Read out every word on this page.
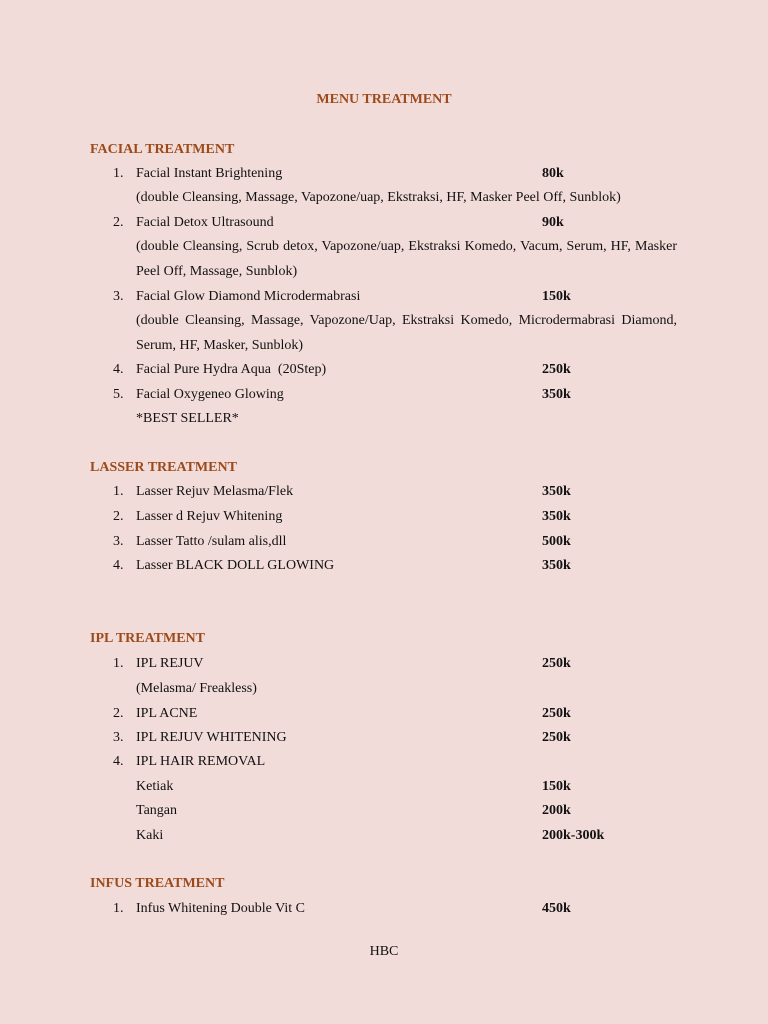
MENU TREATMENT
FACIAL TREATMENT
1. Facial Instant Brightening	80k
(double Cleansing, Massage, Vapozone/uap, Ekstraksi, HF, Masker Peel Off, Sunblok)
2. Facial Detox Ultrasound	90k
(double Cleansing, Scrub detox, Vapozone/uap, Ekstraksi Komedo, Vacum, Serum, HF, Masker Peel Off, Massage, Sunblok)
3. Facial Glow Diamond Microdermabrasi	150k
(double Cleansing, Massage, Vapozone/Uap, Ekstraksi Komedo, Microdermabrasi Diamond, Serum, HF, Masker, Sunblok)
4. Facial Pure Hydra Aqua  (20Step)	250k
5. Facial Oxygeneo Glowing	350k
*BEST SELLER*
LASSER TREATMENT
1. Lasser Rejuv Melasma/Flek	350k
2. Lasser d Rejuv Whitening	350k
3. Lasser Tatto /sulam alis,dll	500k
4. Lasser BLACK DOLL GLOWING	350k
IPL TREATMENT
1. IPL REJUV	250k
(Melasma/ Freakless)
2. IPL ACNE	250k
3. IPL REJUV WHITENING	250k
4. IPL HAIR REMOVAL
Ketiak	150k
Tangan	200k
Kaki	200k-300k
INFUS TREATMENT
1. Infus Whitening Double Vit C	450k
HBC
